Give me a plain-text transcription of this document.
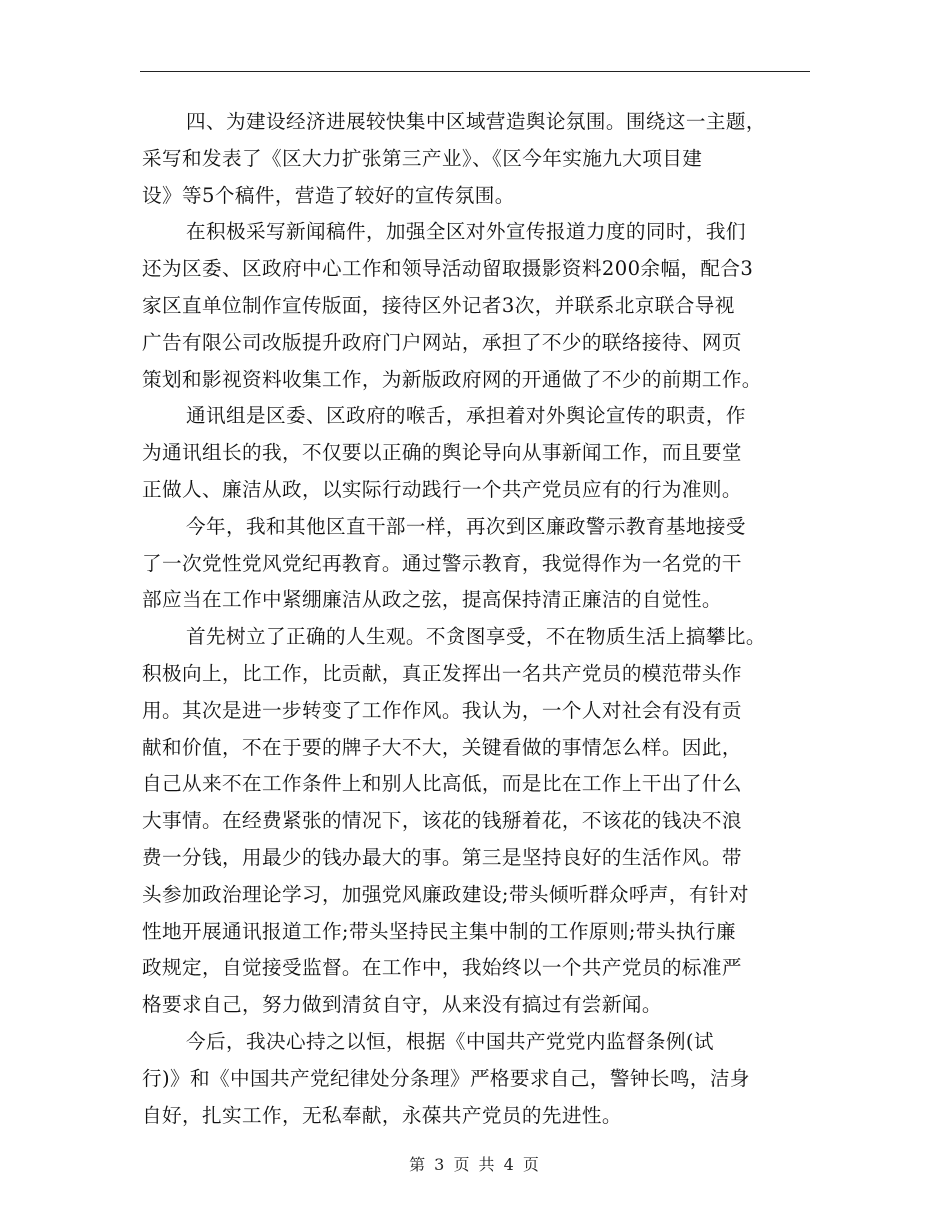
四、为建设经济进展较快集中区域营造舆论氛围。围绕这一主题，
采写和发表了《区大力扩张第三产业》、《区今年实施九大项目建
设》等5个稿件，营造了较好的宣传氛围。
在积极采写新闻稿件，加强全区对外宣传报道力度的同时，我们
还为区委、区政府中心工作和领导活动留取摄影资料200余幅，配合3
家区直单位制作宣传版面，接待区外记者3次，并联系北京联合导视
广告有限公司改版提升政府门户网站，承担了不少的联络接待、网页
策划和影视资料收集工作，为新版政府网的开通做了不少的前期工作。
通讯组是区委、区政府的喉舌，承担着对外舆论宣传的职责，作
为通讯组长的我，不仅要以正确的舆论导向从事新闻工作，而且要堂
正做人、廉洁从政，以实际行动践行一个共产党员应有的行为准则。
今年，我和其他区直干部一样，再次到区廉政警示教育基地接受
了一次党性党风党纪再教育。通过警示教育，我觉得作为一名党的干
部应当在工作中紧绷廉洁从政之弦，提高保持清正廉洁的自觉性。
首先树立了正确的人生观。不贪图享受，不在物质生活上搞攀比。
积极向上，比工作，比贡献，真正发挥出一名共产党员的模范带头作
用。其次是进一步转变了工作作风。我认为，一个人对社会有没有贡
献和价值，不在于要的牌子大不大，关键看做的事情怎么样。因此，
自己从来不在工作条件上和别人比高低，而是比在工作上干出了什么
大事情。在经费紧张的情况下，该花的钱掰着花，不该花的钱决不浪
费一分钱，用最少的钱办最大的事。第三是坚持良好的生活作风。带
头参加政治理论学习，加强党风廉政建设;带头倾听群众呼声，有针对
性地开展通讯报道工作;带头坚持民主集中制的工作原则;带头执行廉
政规定，自觉接受监督。在工作中，我始终以一个共产党员的标准严
格要求自己，努力做到清贫自守，从来没有搞过有尝新闻。
今后，我决心持之以恒，根据《中国共产党党内监督条例(试
行)》和《中国共产党纪律处分条理》严格要求自己，警钟长鸣，洁身
自好，扎实工作，无私奉献，永葆共产党员的先进性。
第 3 页 共 4 页
